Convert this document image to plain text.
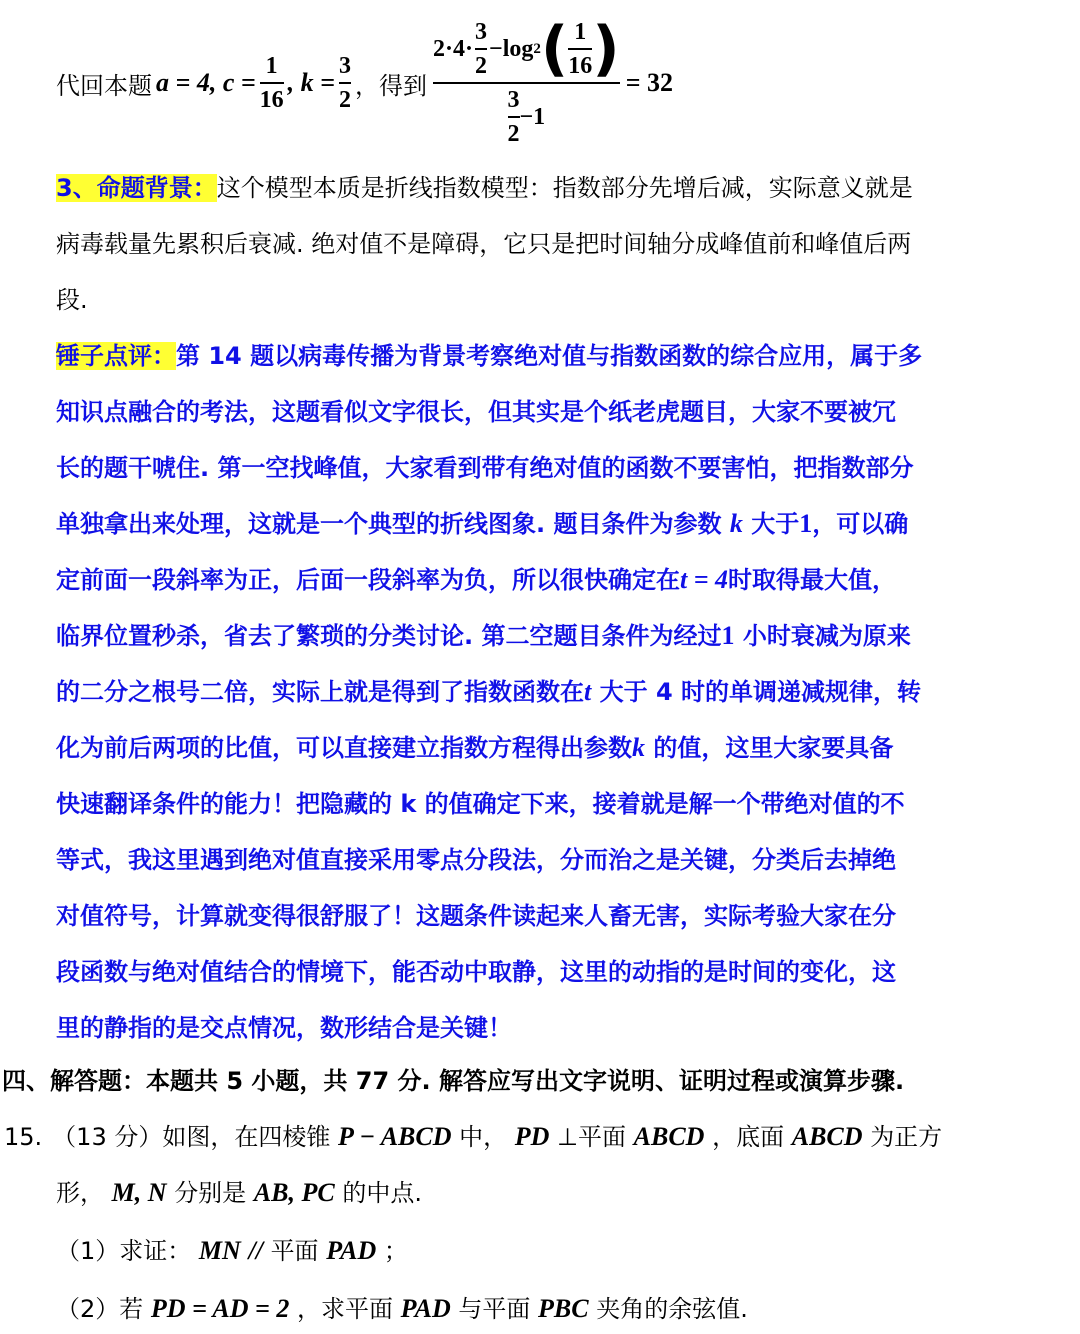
代回本题 a = 4, $c = \frac{1}{16}$ , $k = \frac{3}{2}$ ，得到
$2\cdot 4\cdot \frac{3}{2} -\log$ 2 ( $\frac{1}{16}$ )
$\frac{3}{2} -1$
= 32
3、命题背景：这个模型本质是折线指数模型：指数部分先增后减，实际意义就是
病毒载量先累积后衰减. 绝对值不是障碍，它只是把时间轴分成峰值前和峰值后两
段.
锤子点评：第 14 题以病毒传播为背景考察绝对值与指数函数的综合应用，属于多
知识点融合的考法，这题看似文字很长，但其实是个纸老虎题目，大家不要被冗
长的题干唬住. 第一空找峰值，大家看到带有绝对值的函数不要害怕，把指数部分
单独拿出来处理，这就是一个典型的折线图象. 题目条件为参数 k 大于1，可以确
定前面一段斜率为正，后面一段斜率为负，所以很快确定在t = 4时取得最大值，
临界位置秒杀，省去了繁琐的分类讨论. 第二空题目条件为经过1 小时衰减为原来
的二分之根号二倍，实际上就是得到了指数函数在t 大于 4 时的单调递减规律，转
化为前后两项的比值，可以直接建立指数方程得出参数k 的值，这里大家要具备
快速翻译条件的能力！把隐藏的 k 的值确定下来，接着就是解一个带绝对值的不
等式，我这里遇到绝对值直接采用零点分段法，分而治之是关键，分类后去掉绝
对值符号，计算就变得很舒服了！这题条件读起来人畜无害，实际考验大家在分
段函数与绝对值结合的情境下，能否动中取静，这里的动指的是时间的变化，这
里的静指的是交点情况，数形结合是关键！
四、解答题：本题共 5 小题，共 77 分. 解答应写出文字说明、证明过程或演算步骤.
15. （13 分）如图，在四棱锥 P − ABCD 中， PD ⊥平面 ABCD ，底面 ABCD 为正方
形， M, N 分别是 AB, PC 的中点.
（1）求证： MN // 平面 PAD ；
（2）若 PD = AD = 2 ，求平面 PAD 与平面 PBC 夹角的余弦值.
